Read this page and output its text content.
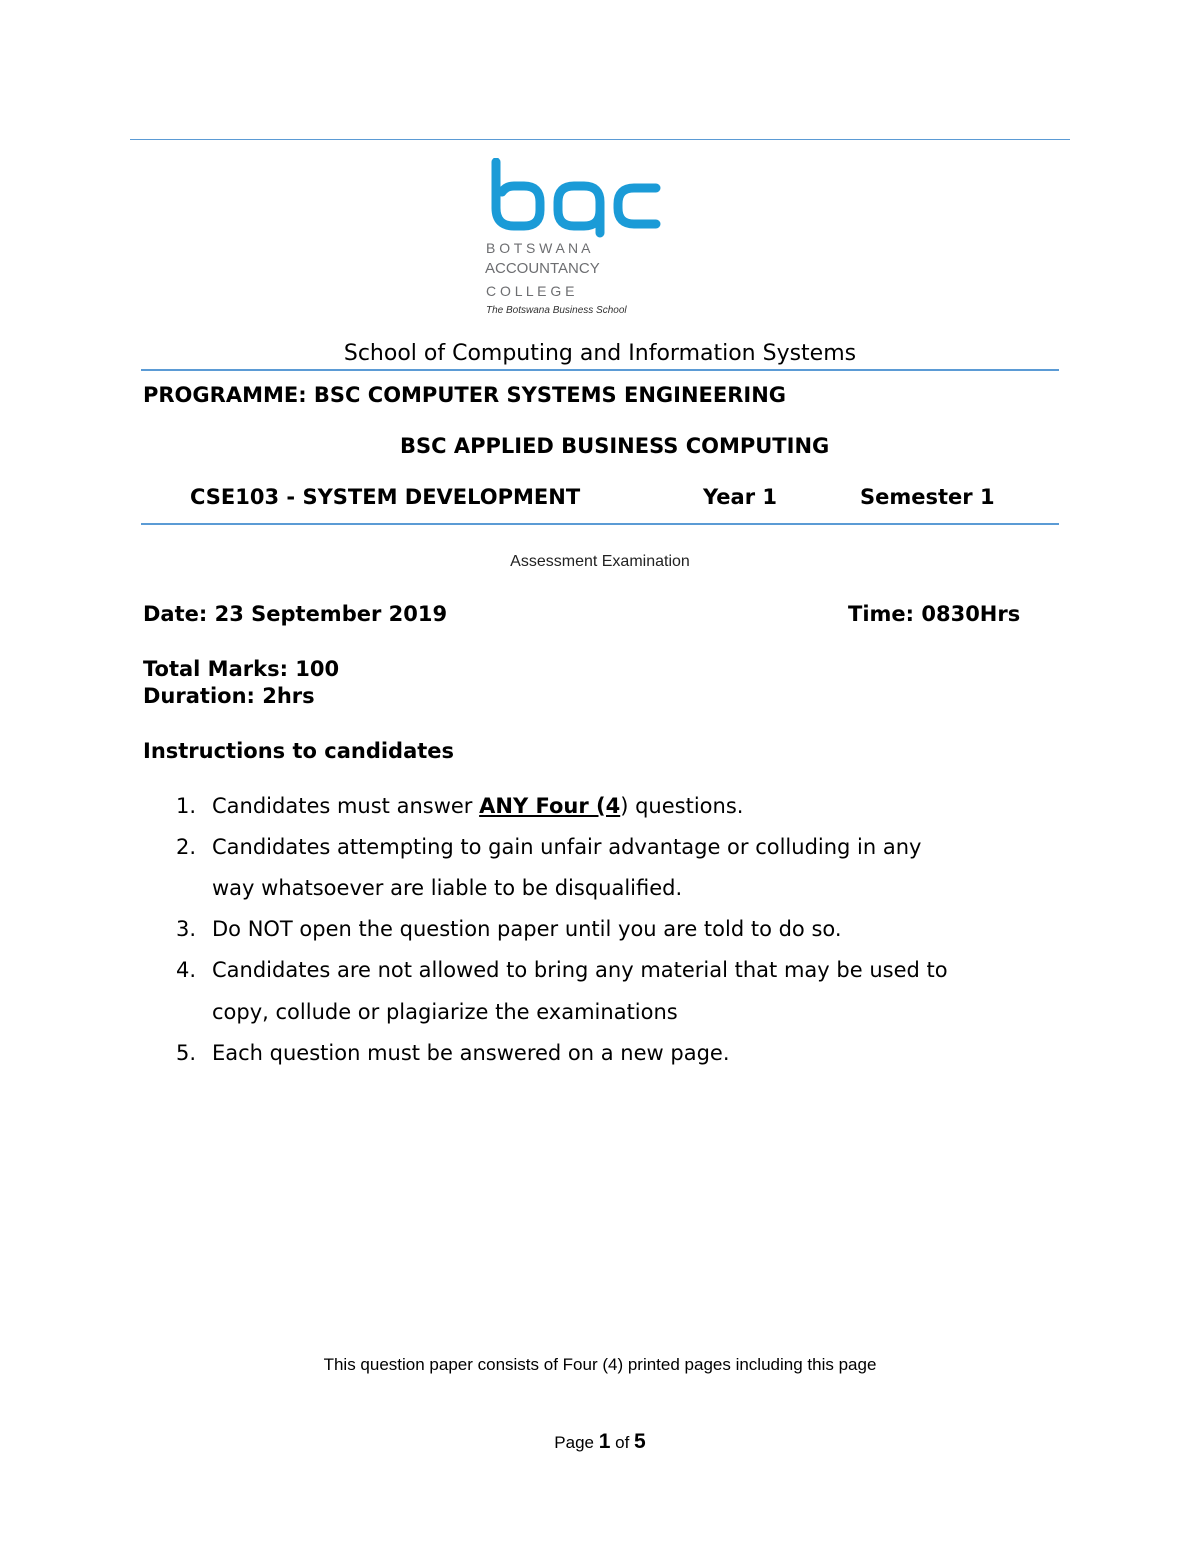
B O T S W A N A
ACCOUNTANCY
C O L L E G E
The Botswana Business School
School of Computing and Information Systems
PROGRAMME: BSC COMPUTER SYSTEMS ENGINEERING
BSC APPLIED BUSINESS COMPUTING
CSE103 - SYSTEM DEVELOPMENT	Year 1	Semester 1
Assessment Examination
Date: 23 September 2019	Time: 0830Hrs
Total Marks: 100
Duration: 2hrs
Instructions to candidates
1. Candidates must answer ANY Four (4) questions.
2. Candidates attempting to gain unfair advantage or colluding in any
way whatsoever are liable to be disqualified.
3. Do NOT open the question paper until you are told to do so.
4. Candidates are not allowed to bring any material that may be used to
copy, collude or plagiarize the examinations
5. Each question must be answered on a new page.
This question paper consists of Four (4) printed pages including this page
Page 1 of 5
